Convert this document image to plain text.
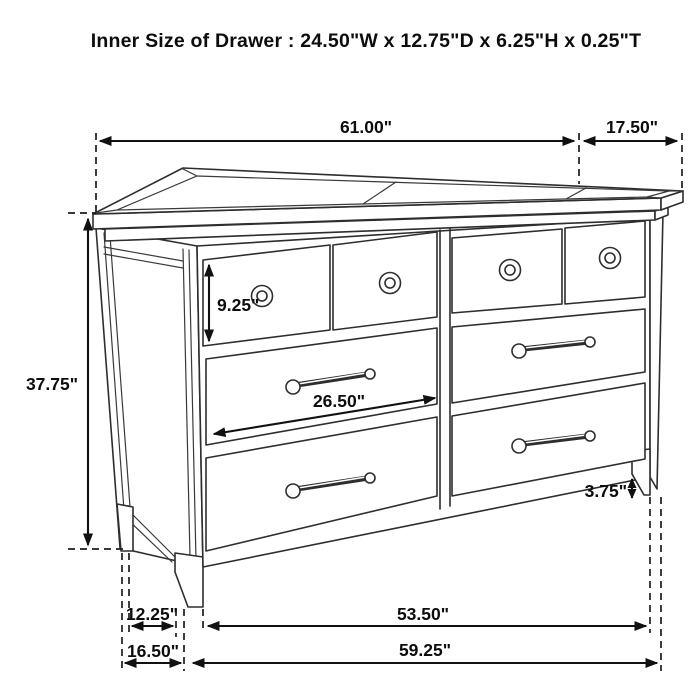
Inner Size of Drawer : 24.50"W x 12.75"D x 6.25"H x 0.25"T
61.00"	17.50"
37.75"
9.25"
26.50"
3.75"
12.25"	53.50"
16.50"	59.25"
